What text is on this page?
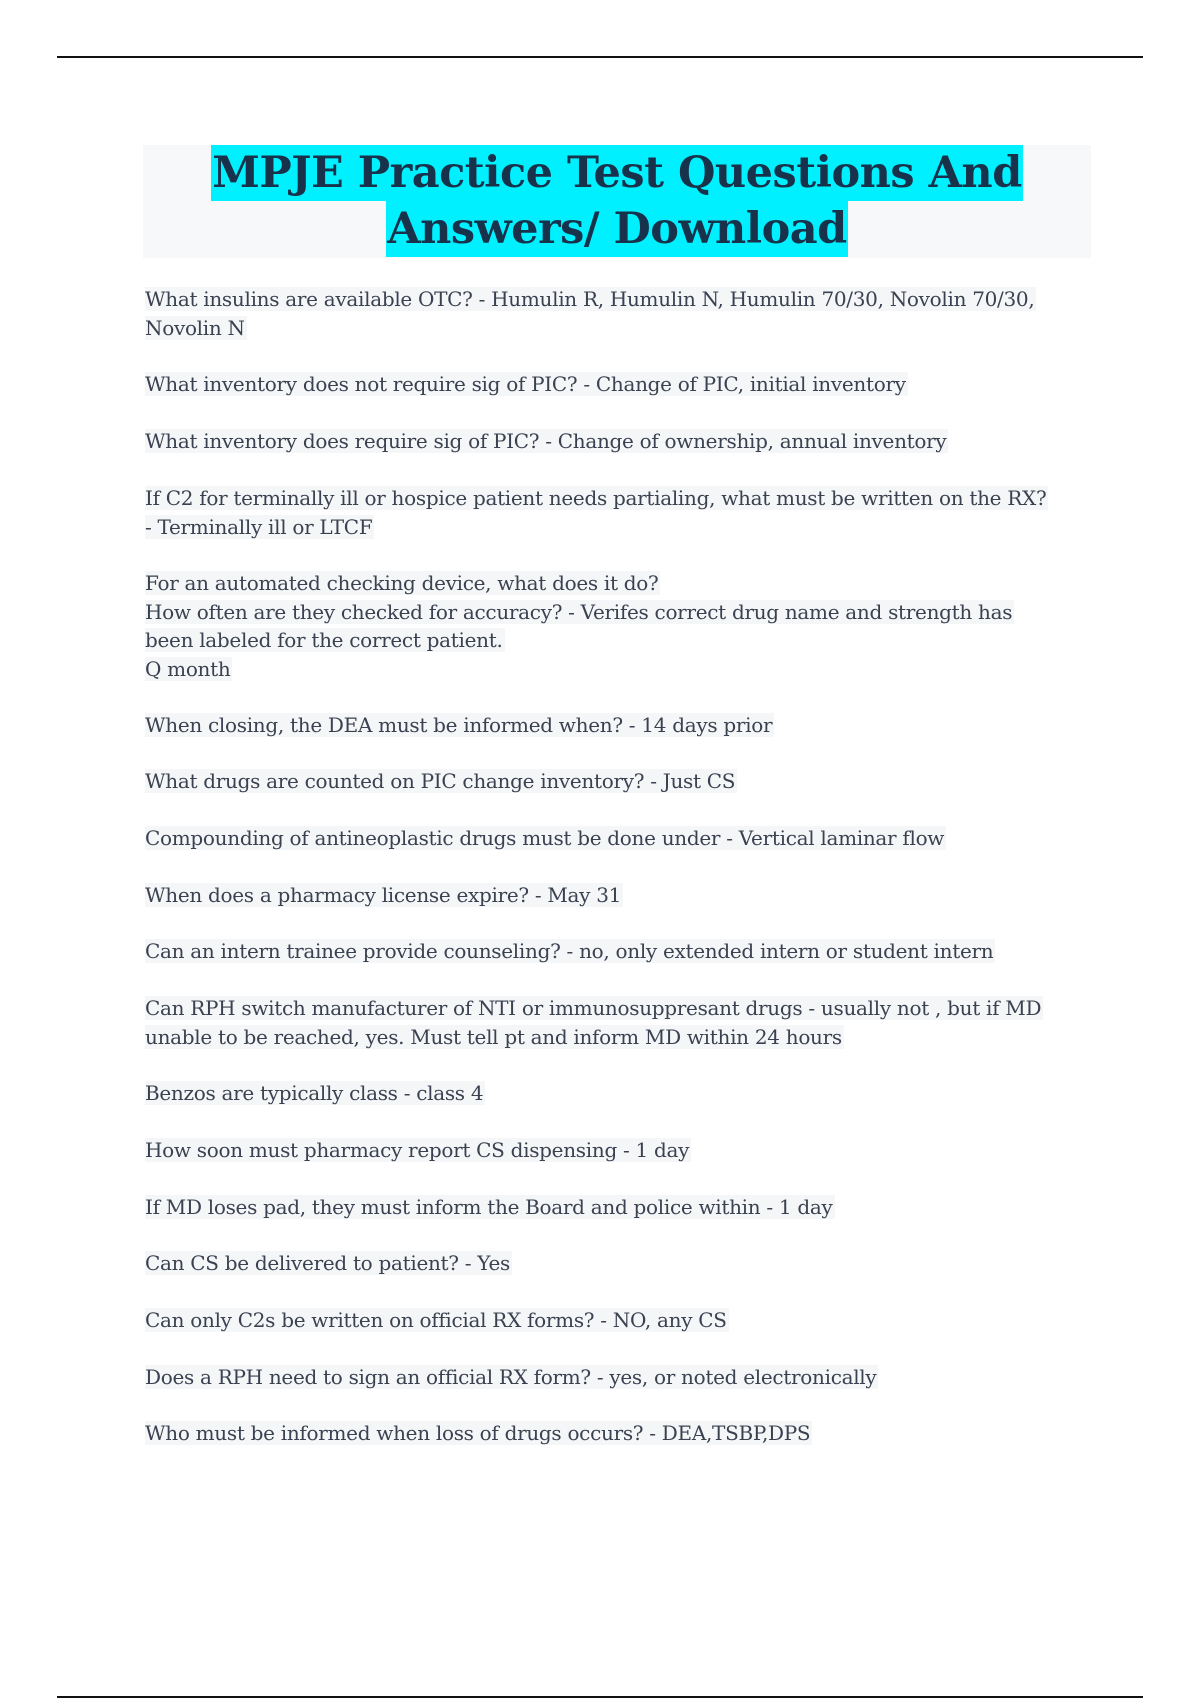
MPJE Practice Test Questions And
Answers/ Download
What insulins are available OTC? - Humulin R, Humulin N, Humulin 70/30, Novolin 70/30,
Novolin N
What inventory does not require sig of PIC? - Change of PIC, initial inventory
What inventory does require sig of PIC? - Change of ownership, annual inventory
If C2 for terminally ill or hospice patient needs partialing, what must be written on the RX?
- Terminally ill or LTCF
For an automated checking device, what does it do?
How often are they checked for accuracy? - Verifes correct drug name and strength has
been labeled for the correct patient.
Q month
When closing, the DEA must be informed when? - 14 days prior
What drugs are counted on PIC change inventory? - Just CS
Compounding of antineoplastic drugs must be done under - Vertical laminar flow
When does a pharmacy license expire? - May 31
Can an intern trainee provide counseling? - no, only extended intern or student intern
Can RPH switch manufacturer of NTI or immunosuppresant drugs - usually not , but if MD
unable to be reached, yes. Must tell pt and inform MD within 24 hours
Benzos are typically class - class 4
How soon must pharmacy report CS dispensing - 1 day
If MD loses pad, they must inform the Board and police within - 1 day
Can CS be delivered to patient? - Yes
Can only C2s be written on official RX forms? - NO, any CS
Does a RPH need to sign an official RX form? - yes, or noted electronically
Who must be informed when loss of drugs occurs? - DEA,TSBP,DPS
